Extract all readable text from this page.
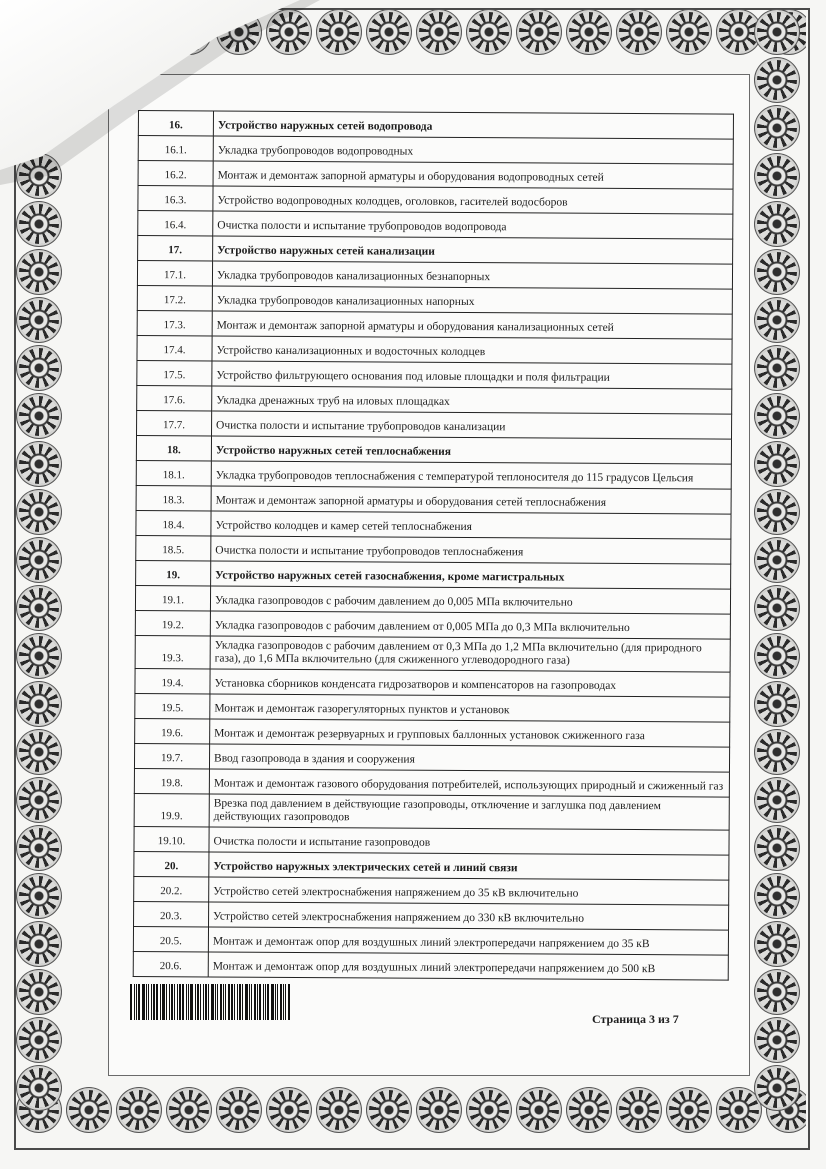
16.	Устройство наружных сетей водопровода
16.1.	Укладка трубопроводов водопроводных
16.2.	Монтаж и демонтаж запорной арматуры и оборудования водопроводных сетей
16.3.	Устройство водопроводных колодцев, оголовков, гасителей водосборов
16.4.	Очистка полости и испытание трубопроводов водопровода
17.	Устройство наружных сетей канализации
17.1.	Укладка трубопроводов канализационных безнапорных
17.2.	Укладка трубопроводов канализационных напорных
17.3.	Монтаж и демонтаж запорной арматуры и оборудования канализационных сетей
17.4.	Устройство канализационных и водосточных колодцев
17.5.	Устройство фильтрующего основания под иловые площадки и поля фильтрации
17.6.	Укладка дренажных труб на иловых площадках
17.7.	Очистка полости и испытание трубопроводов канализации
18.	Устройство наружных сетей теплоснабжения
18.1.	Укладка трубопроводов теплоснабжения с температурой теплоносителя до 115 градусов Цельсия
18.3.	Монтаж и демонтаж запорной арматуры и оборудования сетей теплоснабжения
18.4.	Устройство колодцев и камер сетей теплоснабжения
18.5.	Очистка полости и испытание трубопроводов теплоснабжения
19.	Устройство наружных сетей газоснабжения, кроме магистральных
19.1.	Укладка газопроводов с рабочим давлением до 0,005 МПа включительно
19.2.	Укладка газопроводов с рабочим давлением от 0,005 МПа до 0,3 МПа включительно
19.3.	Укладка газопроводов с рабочим давлением от 0,3 МПа до 1,2 МПа включительно (для природного газа), до 1,6 МПа включительно (для сжиженного углеводородного газа)
19.4.	Установка сборников конденсата гидрозатворов и компенсаторов на газопроводах
19.5.	Монтаж и демонтаж газорегуляторных пунктов и установок
19.6.	Монтаж и демонтаж резервуарных и групповых баллонных установок сжиженного газа
19.7.	Ввод газопровода в здания и сооружения
19.8.	Монтаж и демонтаж газового оборудования потребителей, использующих природный и сжиженный газ
19.9.	Врезка под давлением в действующие газопроводы, отключение и заглушка под давлением действующих газопроводов
19.10.	Очистка полости и испытание газопроводов
20.	Устройство наружных электрических сетей и линий связи
20.2.	Устройство сетей электроснабжения напряжением до 35 кВ включительно
20.3.	Устройство сетей электроснабжения напряжением до 330 кВ включительно
20.5.	Монтаж и демонтаж опор для воздушных линий электропередачи напряжением до 35 кВ
20.6.	Монтаж и демонтаж опор для воздушных линий электропередачи напряжением до 500 кВ
Страница 3 из 7
